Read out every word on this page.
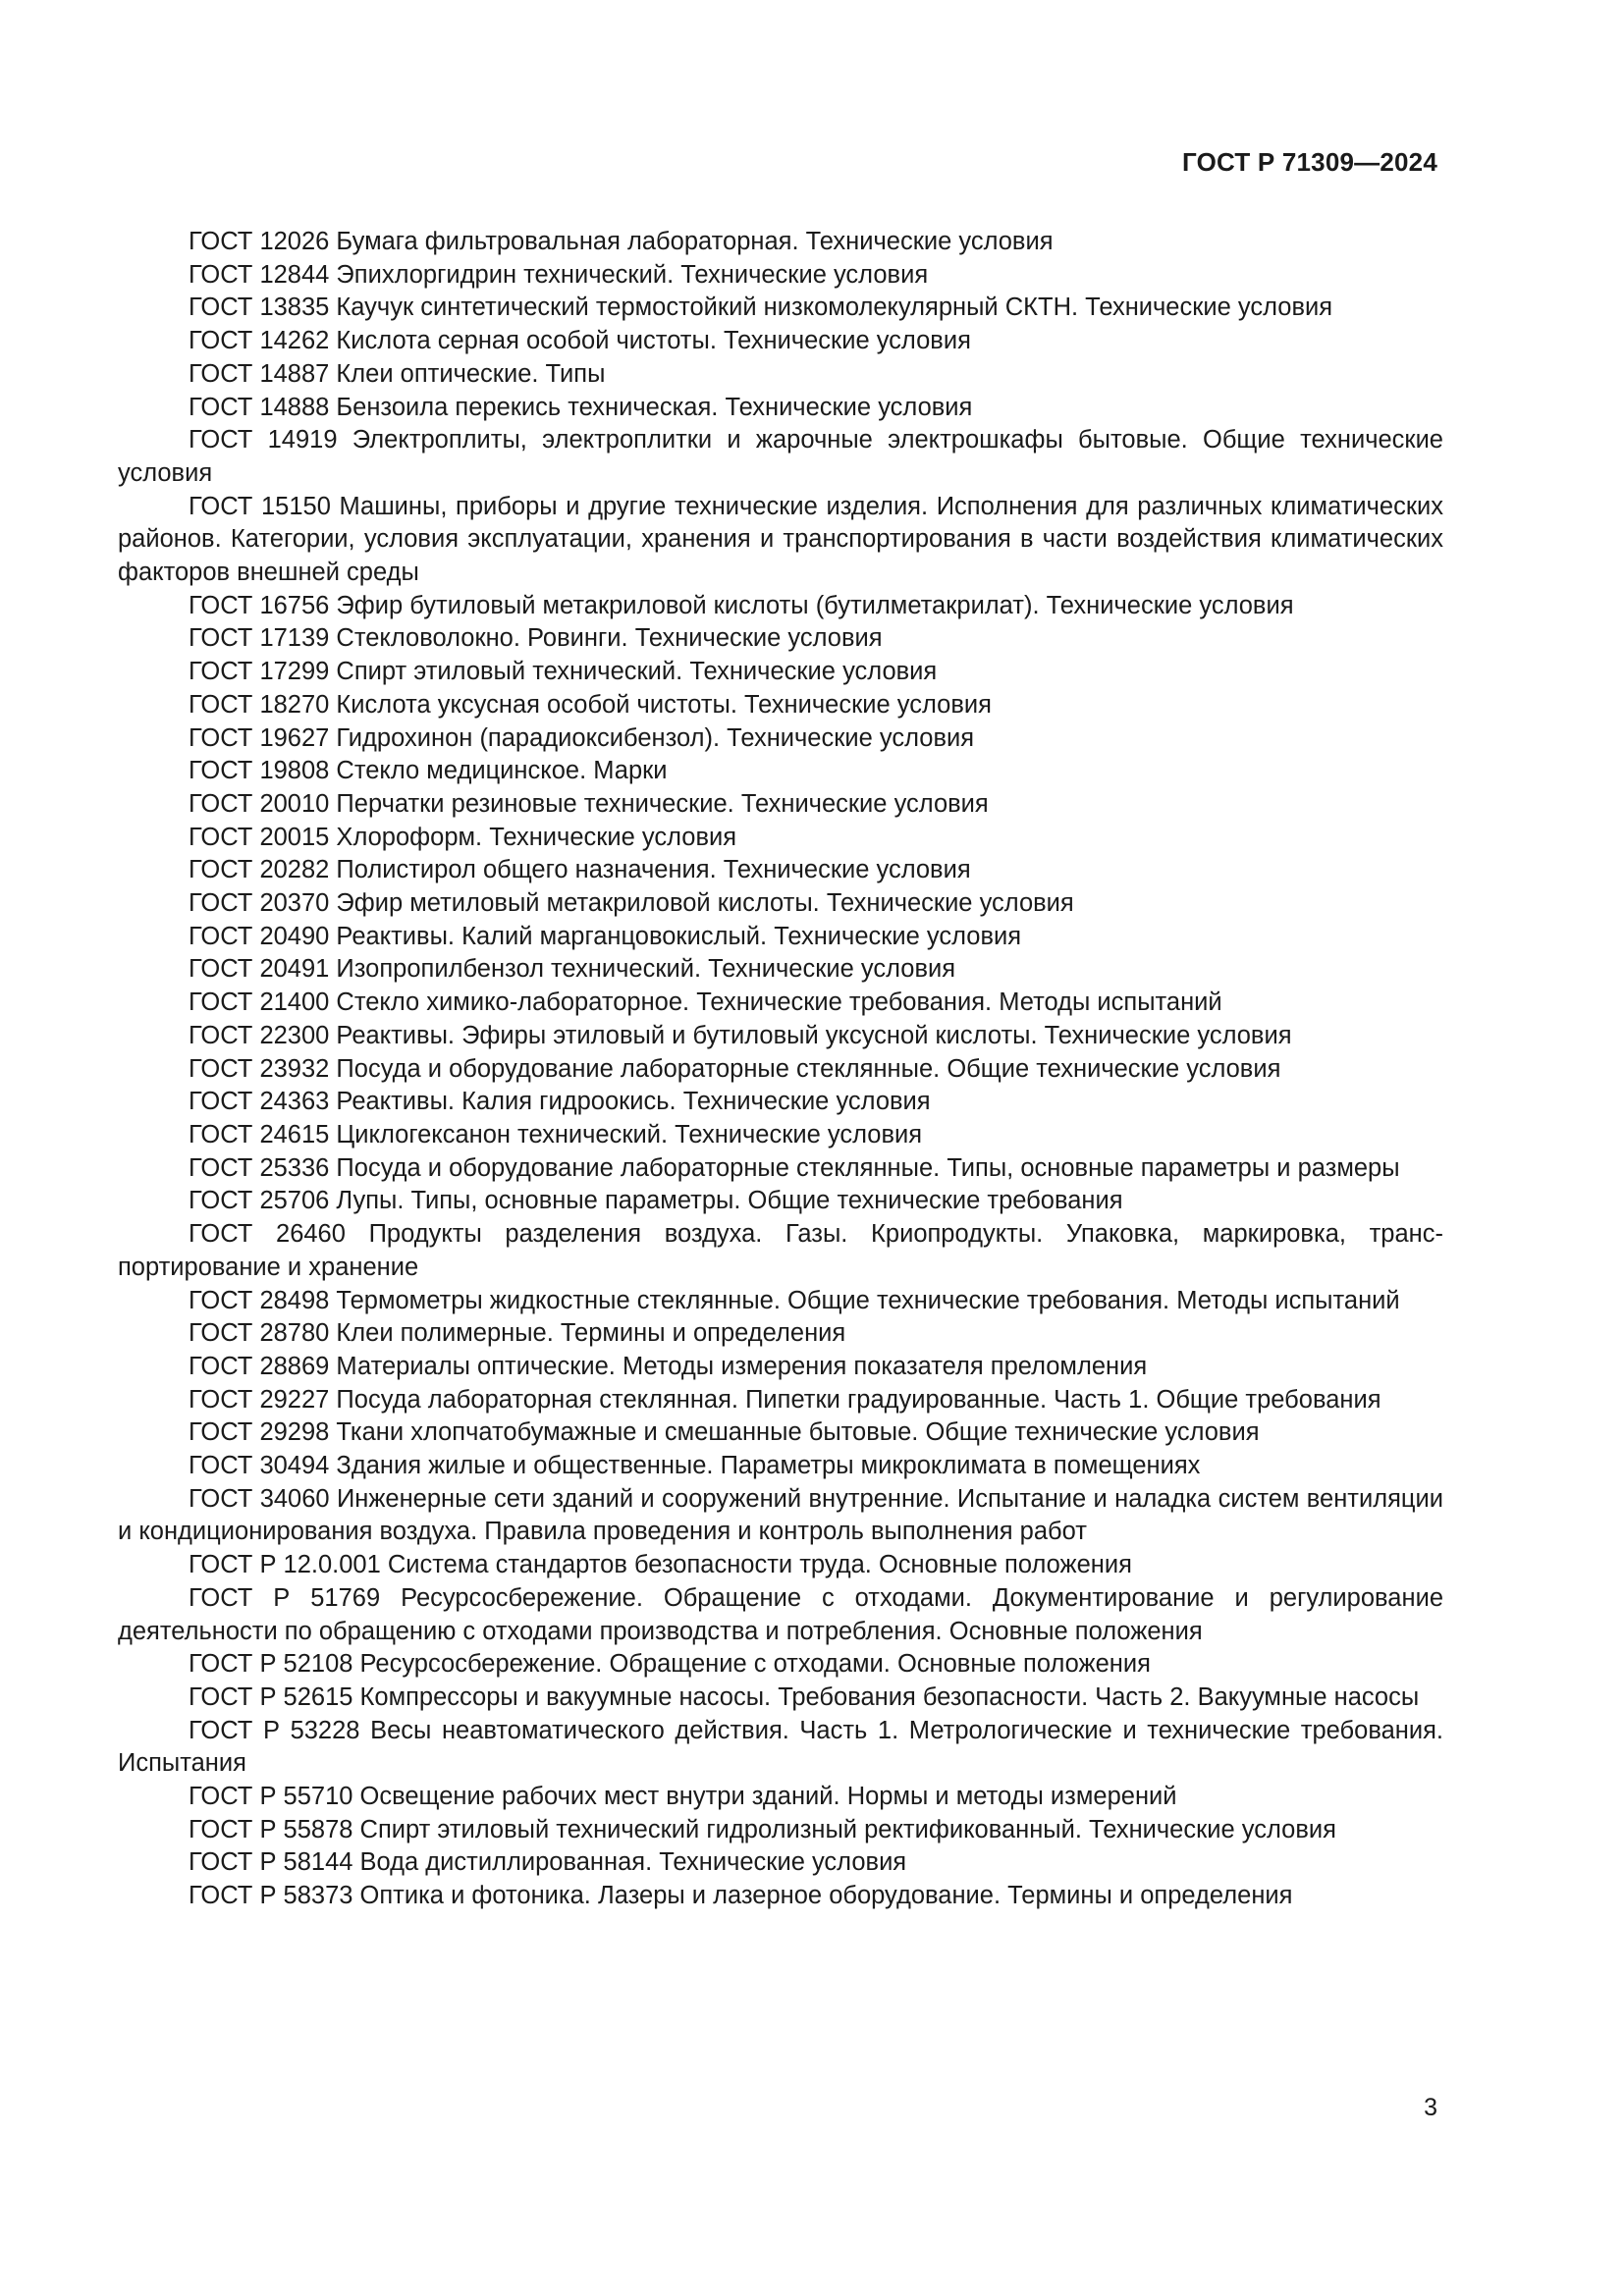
ГОСТ Р 71309—2024
ГОСТ 12026 Бумага фильтровальная лабораторная. Технические условия
ГОСТ 12844 Эпихлоргидрин технический. Технические условия
ГОСТ 13835 Каучук синтетический термостойкий низкомолекулярный СКТН. Технические условия
ГОСТ 14262 Кислота серная особой чистоты. Технические условия
ГОСТ 14887 Клеи оптические. Типы
ГОСТ 14888 Бензоила перекись техническая. Технические условия
ГОСТ 14919 Электроплиты, электроплитки и жарочные электрошкафы бытовые. Общие технические условия
ГОСТ 15150 Машины, приборы и другие технические изделия. Исполнения для различных климатических районов. Категории, условия эксплуатации, хранения и транспортирования в части воздействия климатических факторов внешней среды
ГОСТ 16756 Эфир бутиловый метакриловой кислоты (бутилметакрилат). Технические условия
ГОСТ 17139 Стекловолокно. Ровинги. Технические условия
ГОСТ 17299 Спирт этиловый технический. Технические условия
ГОСТ 18270 Кислота уксусная особой чистоты. Технические условия
ГОСТ 19627 Гидрохинон (парадиоксибензол). Технические условия
ГОСТ 19808 Стекло медицинское. Марки
ГОСТ 20010 Перчатки резиновые технические. Технические условия
ГОСТ 20015 Хлороформ. Технические условия
ГОСТ 20282 Полистирол общего назначения. Технические условия
ГОСТ 20370 Эфир метиловый метакриловой кислоты. Технические условия
ГОСТ 20490 Реактивы. Калий марганцовокислый. Технические условия
ГОСТ 20491 Изопропилбензол технический. Технические условия
ГОСТ 21400 Стекло химико-лабораторное. Технические требования. Методы испытаний
ГОСТ 22300 Реактивы. Эфиры этиловый и бутиловый уксусной кислоты. Технические условия
ГОСТ 23932 Посуда и оборудование лабораторные стеклянные. Общие технические условия
ГОСТ 24363 Реактивы. Калия гидроокись. Технические условия
ГОСТ 24615 Циклогексанон технический. Технические условия
ГОСТ 25336 Посуда и оборудование лабораторные стеклянные. Типы, основные параметры и размеры
ГОСТ 25706 Лупы. Типы, основные параметры. Общие технические требования
ГОСТ 26460 Продукты разделения воздуха. Газы. Криопродукты. Упаковка, маркировка, транспортирование и хранение
ГОСТ 28498 Термометры жидкостные стеклянные. Общие технические требования. Методы испытаний
ГОСТ 28780 Клеи полимерные. Термины и определения
ГОСТ 28869 Материалы оптические. Методы измерения показателя преломления
ГОСТ 29227 Посуда лабораторная стеклянная. Пипетки градуированные. Часть 1. Общие требования
ГОСТ 29298 Ткани хлопчатобумажные и смешанные бытовые. Общие технические условия
ГОСТ 30494 Здания жилые и общественные. Параметры микроклимата в помещениях
ГОСТ 34060 Инженерные сети зданий и сооружений внутренние. Испытание и наладка систем вентиляции и кондиционирования воздуха. Правила проведения и контроль выполнения работ
ГОСТ Р 12.0.001 Система стандартов безопасности труда. Основные положения
ГОСТ Р 51769 Ресурсосбережение. Обращение с отходами. Документирование и регулирование деятельности по обращению с отходами производства и потребления. Основные положения
ГОСТ Р 52108 Ресурсосбережение. Обращение с отходами. Основные положения
ГОСТ Р 52615 Компрессоры и вакуумные насосы. Требования безопасности. Часть 2. Вакуумные насосы
ГОСТ Р 53228 Весы неавтоматического действия. Часть 1. Метрологические и технические требования. Испытания
ГОСТ Р 55710 Освещение рабочих мест внутри зданий. Нормы и методы измерений
ГОСТ Р 55878 Спирт этиловый технический гидролизный ректификованный. Технические условия
ГОСТ Р 58144 Вода дистиллированная. Технические условия
ГОСТ Р 58373 Оптика и фотоника. Лазеры и лазерное оборудование. Термины и определения
3
